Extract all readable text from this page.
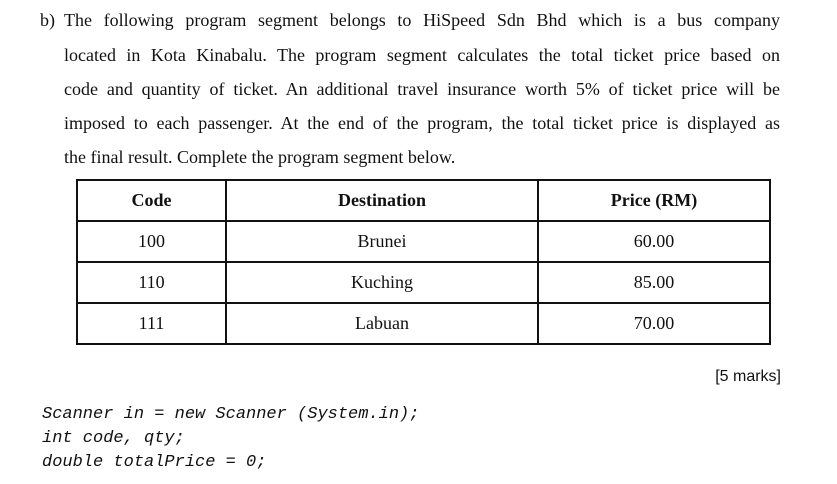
b) The following program segment belongs to HiSpeed Sdn Bhd which is a bus company
located in Kota Kinabalu. The program segment calculates the total ticket price based on
code and quantity of ticket. An additional travel insurance worth 5% of ticket price will be
imposed to each passenger. At the end of the program, the total ticket price is displayed as
the final result. Complete the program segment below.
Code	Destination	Price (RM)
100	Brunei	60.00
110	Kuching	85.00
111	Labuan	70.00
[5 marks]
Scanner in = new Scanner (System.in);
int code, qty;
double totalPrice = 0;
